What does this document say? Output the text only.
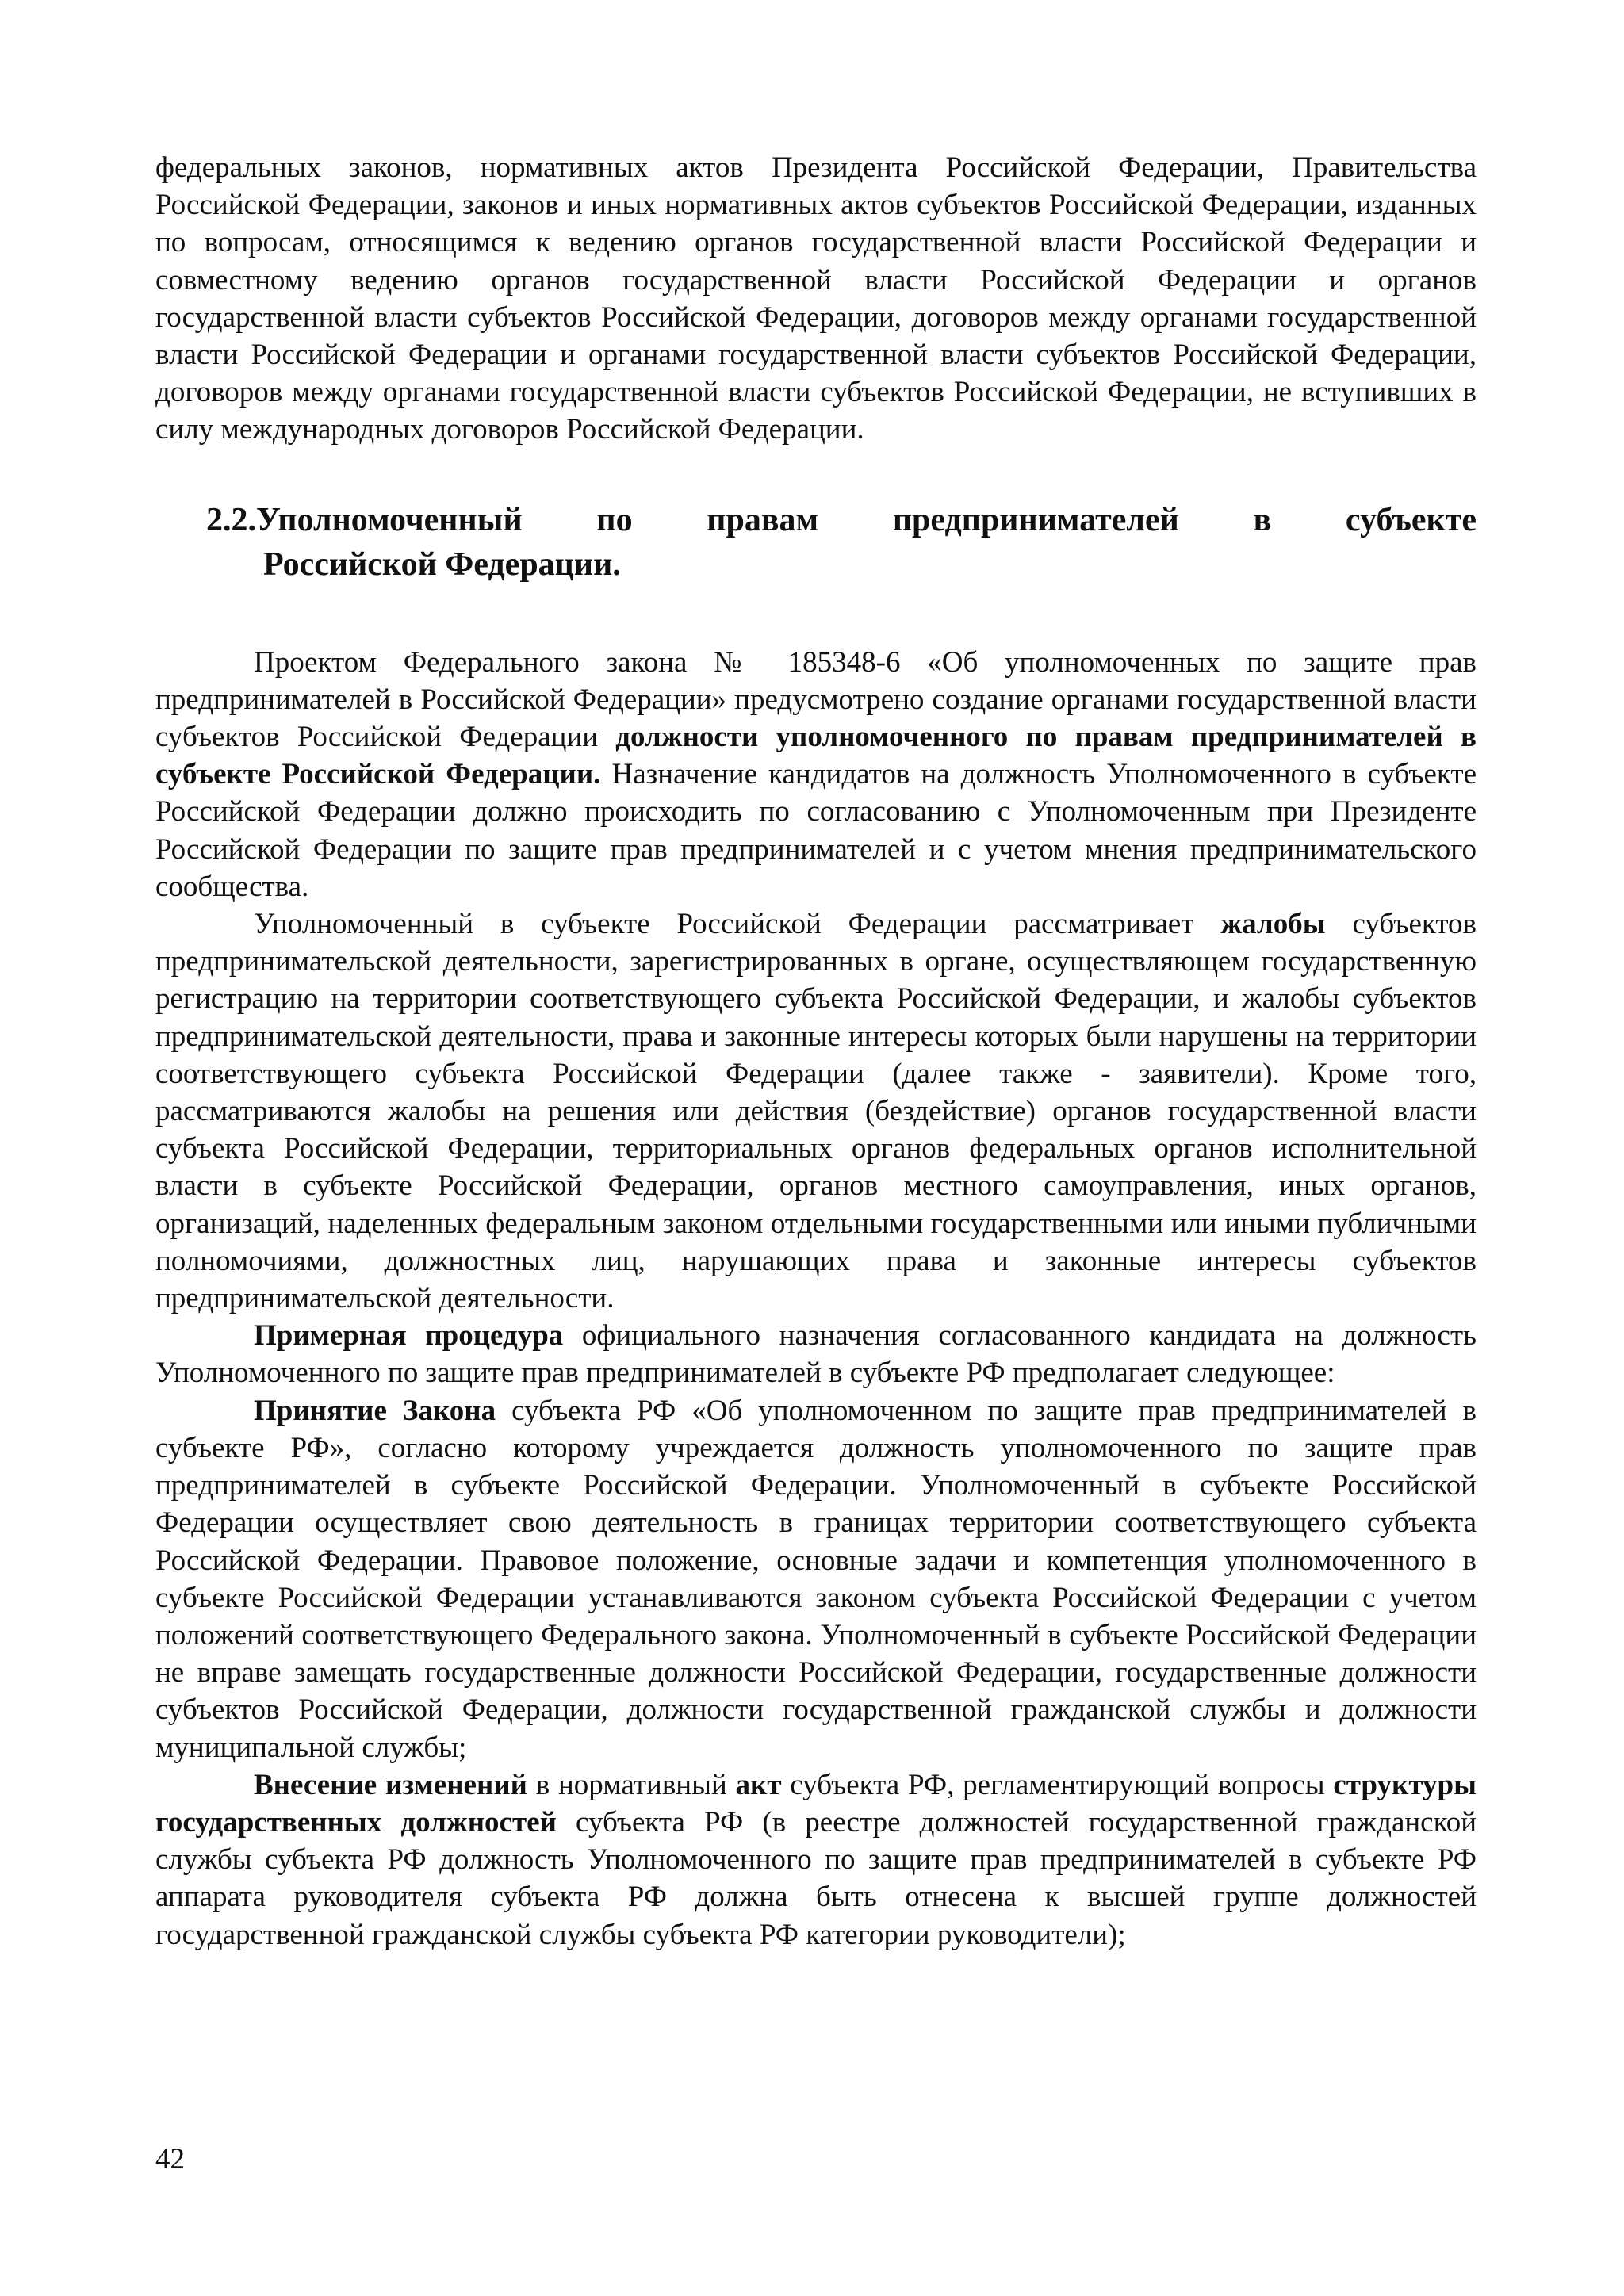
федеральных законов, нормативных актов Президента Российской Федерации, Правительства Российской Федерации, законов и иных нормативных актов субъектов Российской Федерации, изданных по вопросам, относящимся к ведению органов государственной власти Российской Федерации и совместному ведению органов государственной власти Российской Федерации и органов государственной власти субъектов Российской Федерации, договоров между органами государственной власти Российской Федерации и органами государственной власти субъектов Российской Федерации, договоров между органами государственной власти субъектов Российской Федерации, не вступивших в силу международных договоров Российской Федерации.

2.2.Уполномоченный по правам предпринимателей в субъекте
Российской Федерации.

Проектом Федерального закона № 185348-6 «Об уполномоченных по защите прав предпринимателей в Российской Федерации» предусмотрено создание органами государственной власти субъектов Российской Федерации должности уполномоченного по правам предпринимателей в субъекте Российской Федерации. Назначение кандидатов на должность Уполномоченного в субъекте Российской Федерации должно происходить по согласованию с Уполномоченным при Президенте Российской Федерации по защите прав предпринимателей и с учетом мнения предпринимательского сообщества.

Уполномоченный в субъекте Российской Федерации рассматривает жалобы субъектов предпринимательской деятельности, зарегистрированных в органе, осуществляющем государственную регистрацию на территории соответствующего субъекта Российской Федерации, и жалобы субъектов предпринимательской деятельности, права и законные интересы которых были нарушены на территории соответствующего субъекта Российской Федерации (далее также - заявители). Кроме того, рассматриваются жалобы на решения или действия (бездействие) органов государственной власти субъекта Российской Федерации, территориальных органов федеральных органов исполнительной власти в субъекте Российской Федерации, органов местного самоуправления, иных органов, организаций, наделенных федеральным законом отдельными государственными или иными публичными полномочиями, должностных лиц, нарушающих права и законные интересы субъектов предпринимательской деятельности.

Примерная процедура официального назначения согласованного кандидата на должность Уполномоченного по защите прав предпринимателей в субъекте РФ предполагает следующее:

Принятие Закона субъекта РФ «Об уполномоченном по защите прав предпринимателей в субъекте РФ», согласно которому учреждается должность уполномоченного по защите прав предпринимателей в субъекте Российской Федерации. Уполномоченный в субъекте Российской Федерации осуществляет свою деятельность в границах территории соответствующего субъекта Российской Федерации. Правовое положение, основные задачи и компетенция уполномоченного в субъекте Российской Федерации устанавливаются законом субъекта Российской Федерации с учетом положений соответствующего Федерального закона. Уполномоченный в субъекте Российской Федерации не вправе замещать государственные должности Российской Федерации, государственные должности субъектов Российской Федерации, должности государственной гражданской службы и должности муниципальной службы;

Внесение изменений в нормативный акт субъекта РФ, регламентирующий вопросы структуры государственных должностей субъекта РФ (в реестре должностей государственной гражданской службы субъекта РФ должность Уполномоченного по защите прав предпринимателей в субъекте РФ аппарата руководителя субъекта РФ должна быть отнесена к высшей группе должностей государственной гражданской службы субъекта РФ категории руководители);

42
